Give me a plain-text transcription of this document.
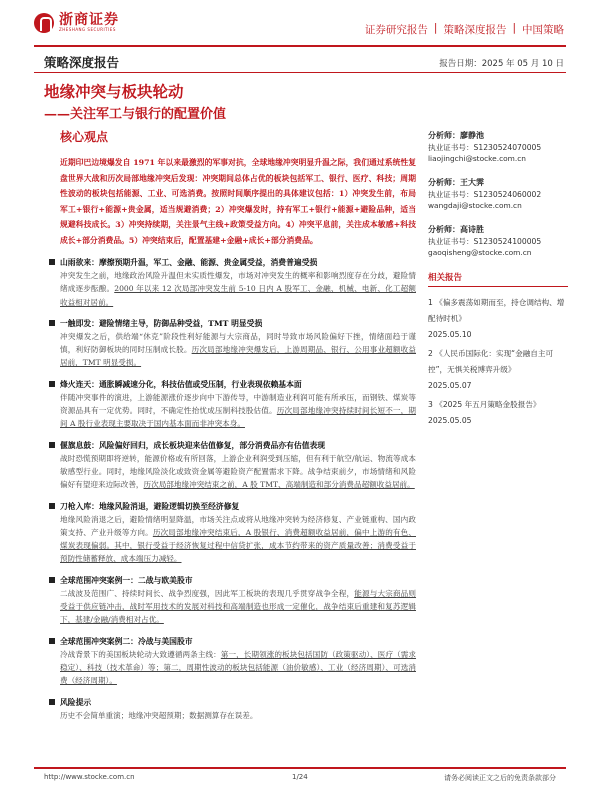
浙商证券
ZHESHANG SECURITIES	证券研究报告 | 策略深度报告 | 中国策略
策略深度报告	报告日期：2025 年 05 月 10 日
地缘冲突与板块轮动
——关注军工与银行的配置价值
核心观点
近期印巴边境爆发自 1971 年以来最激烈的军事对抗，全球地缘冲突明显升温之际，我们通过系统性复盘世界大战和历次局部地缘冲突后发现：冲突期间总体占优的板块包括军工、银行、医疗、科技；周期性波动的板块包括能源、工业、可选消费。按照时间顺序提出的具体建议包括：1）冲突发生前，布局军工+银行+能源+贵金属，适当规避消费；2）冲突爆发时，持有军工+银行+能源+避险品种，适当规避科技成长。3）冲突持续期，关注景气主线+政策受益方向。4）冲突平息前，关注成本敏感+科技成长+部分消费品。5）冲突结束后，配置基建+金融+成长+部分消费品。
山雨欲来：摩擦预期升温，军工、金融、能源、贵金属受益，消费普遍受损
冲突发生之前，地缘政治风险升温但未实质性爆发，市场对冲突发生的概率和影响烈度存在分歧，避险情绪成逐步酝酿。2000 年以来 12 次局部冲突发生前 5-10 日内 A 股军工、金融、机械、电新、化工超额收益相对居前。
一触即发：避险情绪主导，防御品种受益，TMT 明显受损
冲突爆发之后，供给端“休克”阶段性利好能源与大宗商品，同时导致市场风险偏好下挫，情绪面趋于谨慎，利好防御板块的同时压制成长股。历次局部地缘冲突爆发后，上游周期品、银行、公用事业超额收益居前，TMT 明显受损。
烽火连天：通胀瞬减速分化，科技估值或受压制，行业表现依赖基本面
伴随冲突事件的演进，上游能源涨价逐步向中下游传导，中游制造业利润可能有所承压，而钢铁、煤炭等资源品具有一定优势。同时，不确定性抬忧成压制科技股估值。历次局部地缘冲突持续时间长短不一，期间 A 股行业表现主要取决于国内基本面而非冲突本身。
偃旗息鼓：风险偏好回归，成长板块迎来估值修复，部分消费品亦有估值表现
战时恐慌预期即将逆转，能源价格或有所回落，上游企业利润受到压缩，但有利于航空/航运、物流等成本敏感型行业。同时，地缘风险淡化或致资金属等避险资产配置需求下降。战争结束前夕，市场情绪和风险偏好有望迎来边际改善，历次局部地缘冲突结束之前，A 股 TMT、高端制造和部分消费品超额收益居前。
刀枪入库：地缘风险消退，避险逻辑切换至经济修复
地缘风险消退之后，避险情绪明显降温，市场关注点或将从地缘冲突转为经济修复、产业链重构、国内政策支持、产业升级等方向。历次局部地缘冲突结束后，A 股银行、消费超额收益居前，偏中上游的有色、煤炭表现偏弱。其中，银行受益于经济恢复过程中信贷扩张，成本节约带来的资产质量改善；消费受益于预防性储蓄释放、成本端压力减轻。
全球范围冲突案例一：二战与欧美股市
二战波及范围广、持续时间长、战争烈度强，因此军工板块的表现几乎贯穿战争全程，能源与大宗商品则受益于供应链冲击，战时军用技术的发展对科技和高端制造也形成一定催化，战争结束后重建和复苏逻辑下，基建/金融/消费相对占优。
全球范围冲突案例二：冷战与美国股市
冷战背景下的美国板块轮动大致遵循两条主线：第一，长期领涨的板块包括国防（政策驱动）、医疗（需求稳定）、科技（技术革命）等；第二，周期性波动的板块包括能源（油价敏感）、工业（经济周期）、可选消费（经济周期）。
风险提示
历史不会简单重演；地缘冲突超预期；数据测算存在误差。
分析师：廖静池
执业证书号：S1230524070005
liaojingchi@stocke.com.cn
分析师：王大霁
执业证书号：S1230524060002
wangdaji@stocke.com.cn
分析师：高诗胜
执业证书号：S1230524100005
gaoqisheng@stocke.com.cn
相关报告
1 《偏多震荡如期而至，持仓调结构、增配待时机》
2025.05.10
2 《人民币国际化：实现“金融自主可控”，无惧关税博弈升级》
2025.05.07
3 《2025 年五月策略金股报告》
2025.05.05
http://www.stocke.com.cn	1/24	请务必阅读正文之后的免责条款部分
